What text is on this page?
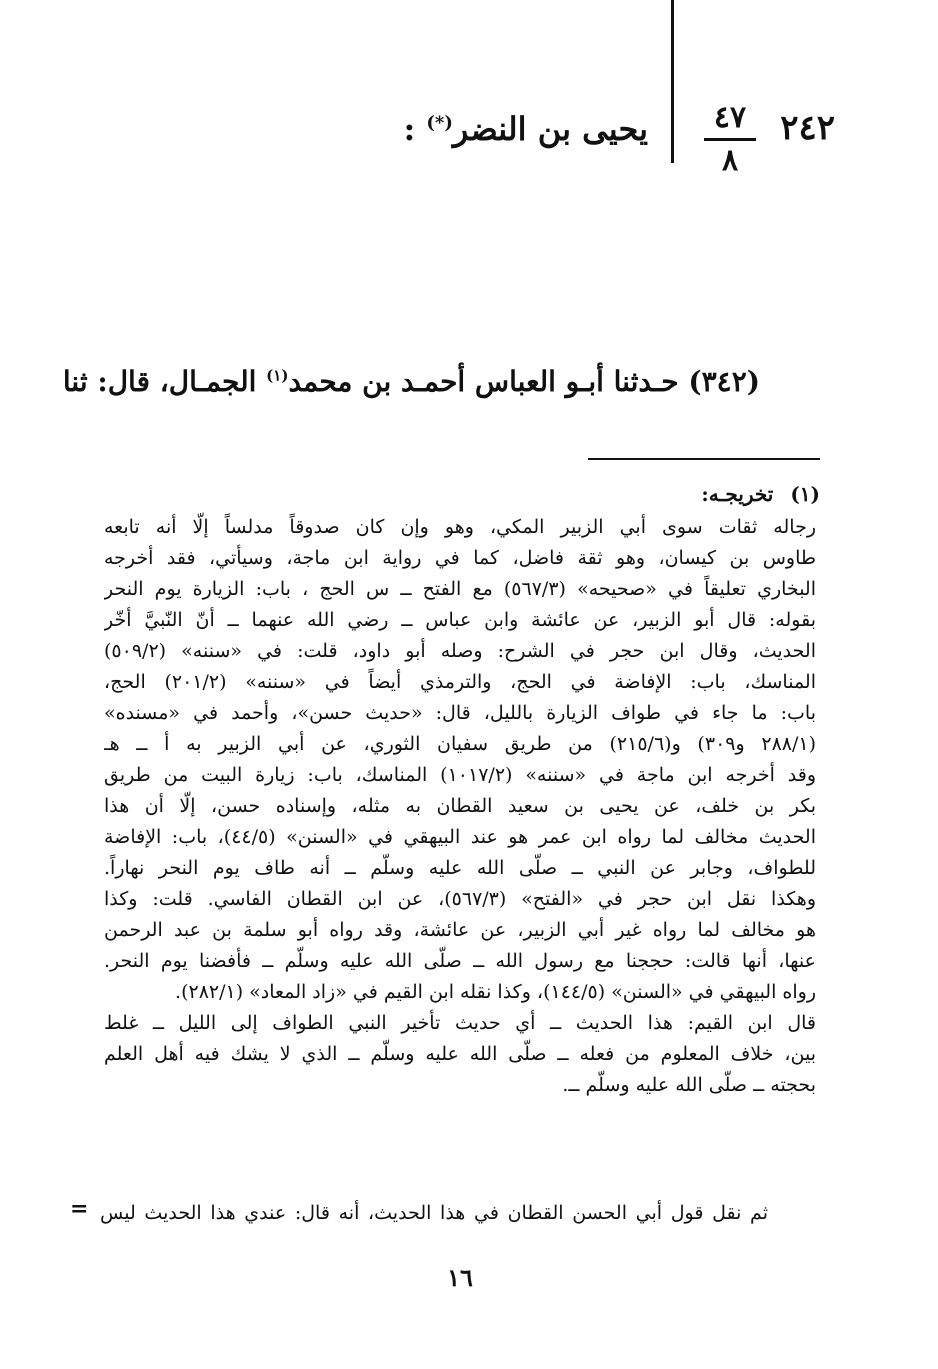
٢٤٢
٤٧
٨
يحيى بن النضر(*) :
(٣٤٢) حـدثنا أبـو العباس أحمـد بن محمد$^{(١)}$ الجمـال، قال: ثنا
(١) تخريجـه:
رجاله ثقات سوى أبي الزبير المكي، وهو وإن كان صدوقاً مدلساً إلّا أنه تابعه
طاوس بن كيسان، وهو ثقة فاضل، كما في رواية ابن ماجة، وسيأتي، فقد أخرجه
البخاري تعليقاً في «صحيحه» (٥٦٧/٣) مع الفتح ــ س الحج ، باب: الزيارة يوم النحر
بقوله: قال أبو الزبير، عن عائشة وابن عباس ــ رضي الله عنهما ــ أنّ النّبيَّ أخّر
الحديث، وقال ابن حجر في الشرح: وصله أبو داود، قلت: في «سننه» (٥٠٩/٢)
المناسك، باب: الإفاضة في الحج، والترمذي أيضاً في «سننه» (٢٠١/٢) الحج،
باب: ما جاء في طواف الزيارة بالليل، قال: «حديث حسن»، وأحمد في «مسنده»
(٢٨٨/١ و٣٠٩) و(٢١٥/٦) من طريق سفيان الثوري، عن أبي الزبير به أ ــ هـ
وقد أخرجه ابن ماجة في «سننه» (١٠١٧/٢) المناسك، باب: زيارة البيت من طريق
بكر بن خلف، عن يحيى بن سعيد القطان به مثله، وإسناده حسن، إلّا أن هذا
الحديث مخالف لما رواه ابن عمر هو عند البيهقي في «السنن» (٤٤/٥)، باب: الإفاضة
للطواف، وجابر عن النبي ــ صلّى الله عليه وسلّم ــ أنه طاف يوم النحر نهاراً.
وهكذا نقل ابن حجر في «الفتح» (٥٦٧/٣)، عن ابن القطان الفاسي. قلت: وكذا
هو مخالف لما رواه غير أبي الزبير، عن عائشة، وقد رواه أبو سلمة بن عبد الرحمن
عنها، أنها قالت: حججنا مع رسول الله ــ صلّى الله عليه وسلّم ــ فأفضنا يوم النحر.
رواه البيهقي في «السنن» (١٤٤/٥)، وكذا نقله ابن القيم في «زاد المعاد» (٢٨٢/١).
قال ابن القيم: هذا الحديث ــ أي حديث تأخير النبي الطواف إلى الليل ــ غلط
بين، خلاف المعلوم من فعله ــ صلّى الله عليه وسلّم ــ الذي لا يشك فيه أهل العلم
بحجته ــ صلّى الله عليه وسلّم ــ.
ثم نقل قول أبي الحسن القطان في هذا الحديث، أنه قال: عندي هذا الحديث ليس
=
١٦
